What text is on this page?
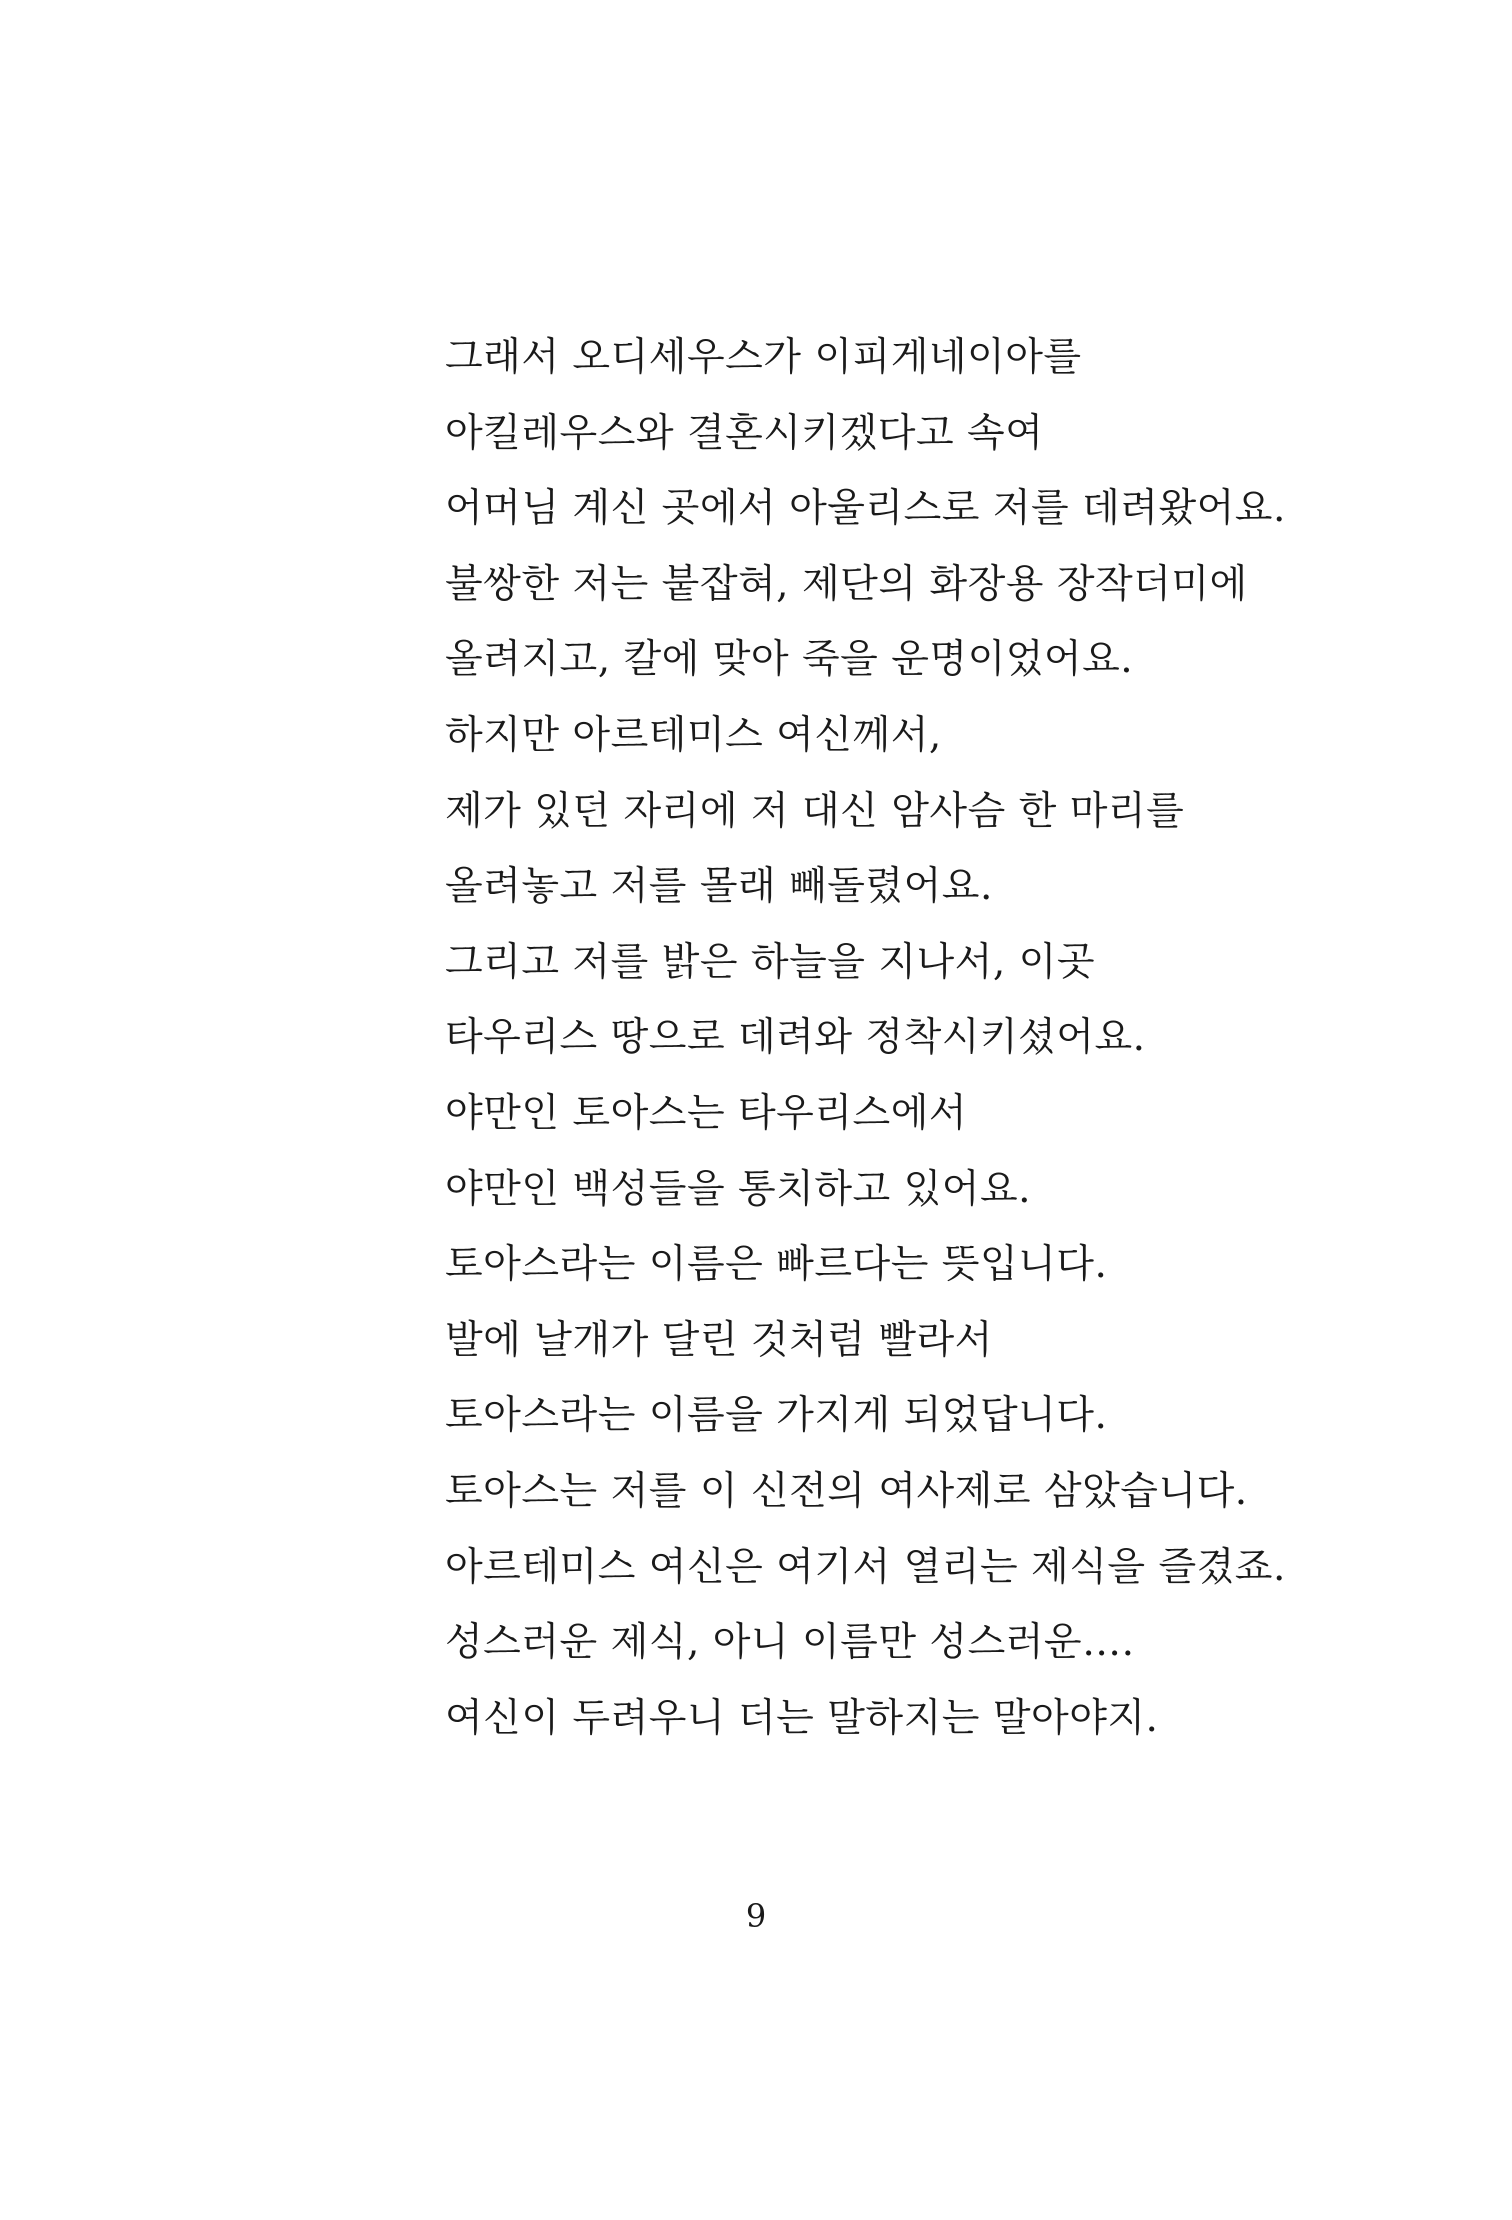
그래서 오디세우스가 이피게네이아를
아킬레우스와 결혼시키겠다고 속여
어머님 계신 곳에서 아울리스로 저를 데려왔어요.
불쌍한 저는 붙잡혀, 제단의 화장용 장작더미에
올려지고, 칼에 맞아 죽을 운명이었어요.
하지만 아르테미스 여신께서,
제가 있던 자리에 저 대신 암사슴 한 마리를
올려놓고 저를 몰래 빼돌렸어요.
그리고 저를 밝은 하늘을 지나서, 이곳
타우리스 땅으로 데려와 정착시키셨어요.
야만인 토아스는 타우리스에서
야만인 백성들을 통치하고 있어요.
토아스라는 이름은 빠르다는 뜻입니다.
발에 날개가 달린 것처럼 빨라서
토아스라는 이름을 가지게 되었답니다.
토아스는 저를 이 신전의 여사제로 삼았습니다.
아르테미스 여신은 여기서 열리는 제식을 즐겼죠.
성스러운 제식, 아니 이름만 성스러운….
여신이 두려우니 더는 말하지는 말아야지.
9
